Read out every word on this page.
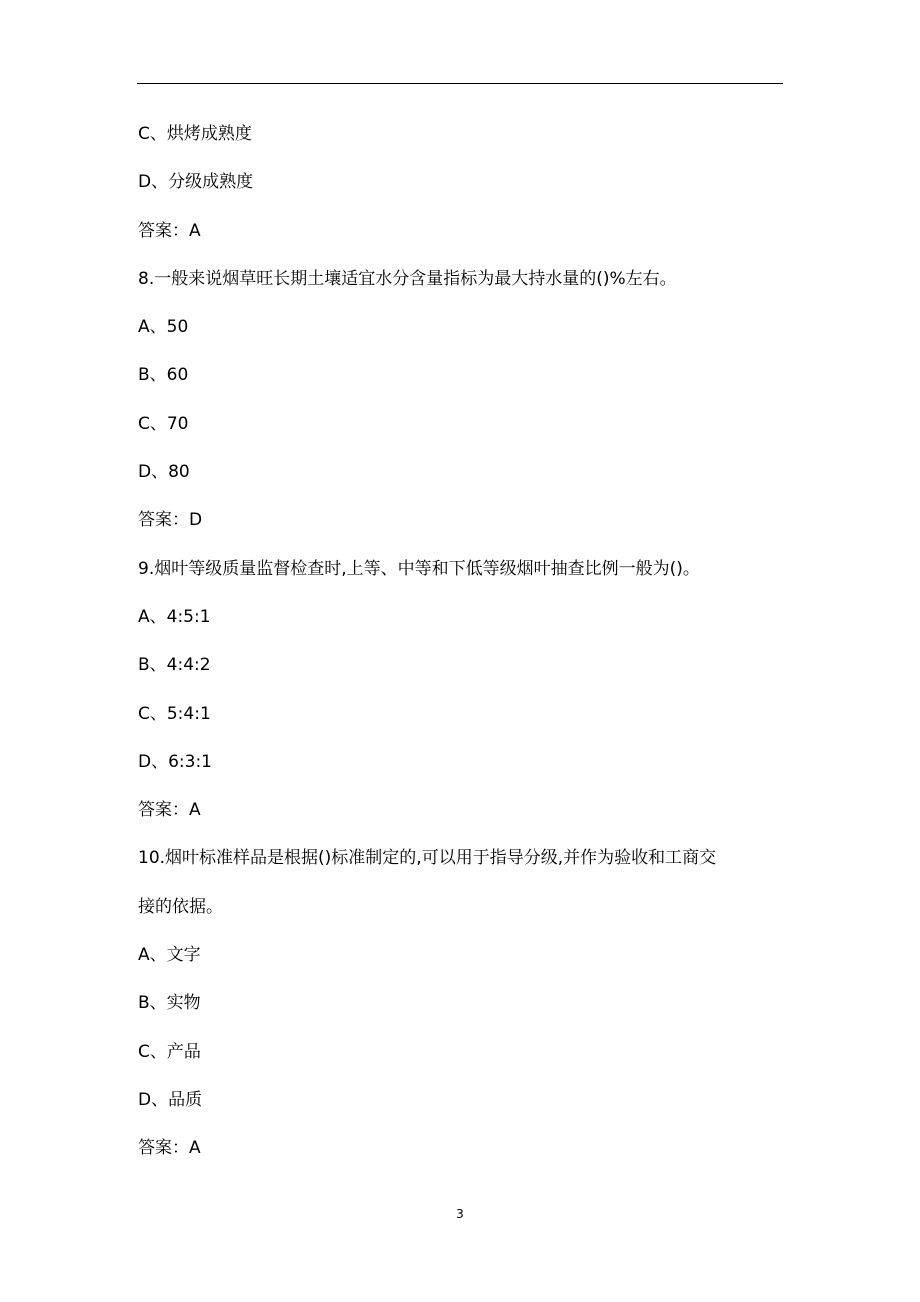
C、烘烤成熟度
D、分级成熟度
答案：A
8.一般来说烟草旺长期土壤适宜水分含量指标为最大持水量的()%左右。
A、50
B、60
C、70
D、80
答案：D
9.烟叶等级质量监督检查时,上等、中等和下低等级烟叶抽查比例一般为()。
A、4:5:1
B、4:4:2
C、5:4:1
D、6:3:1
答案：A
10.烟叶标准样品是根据()标准制定的,可以用于指导分级,并作为验收和工商交
接的依据。
A、文字
B、实物
C、产品
D、品质
答案：A
3
